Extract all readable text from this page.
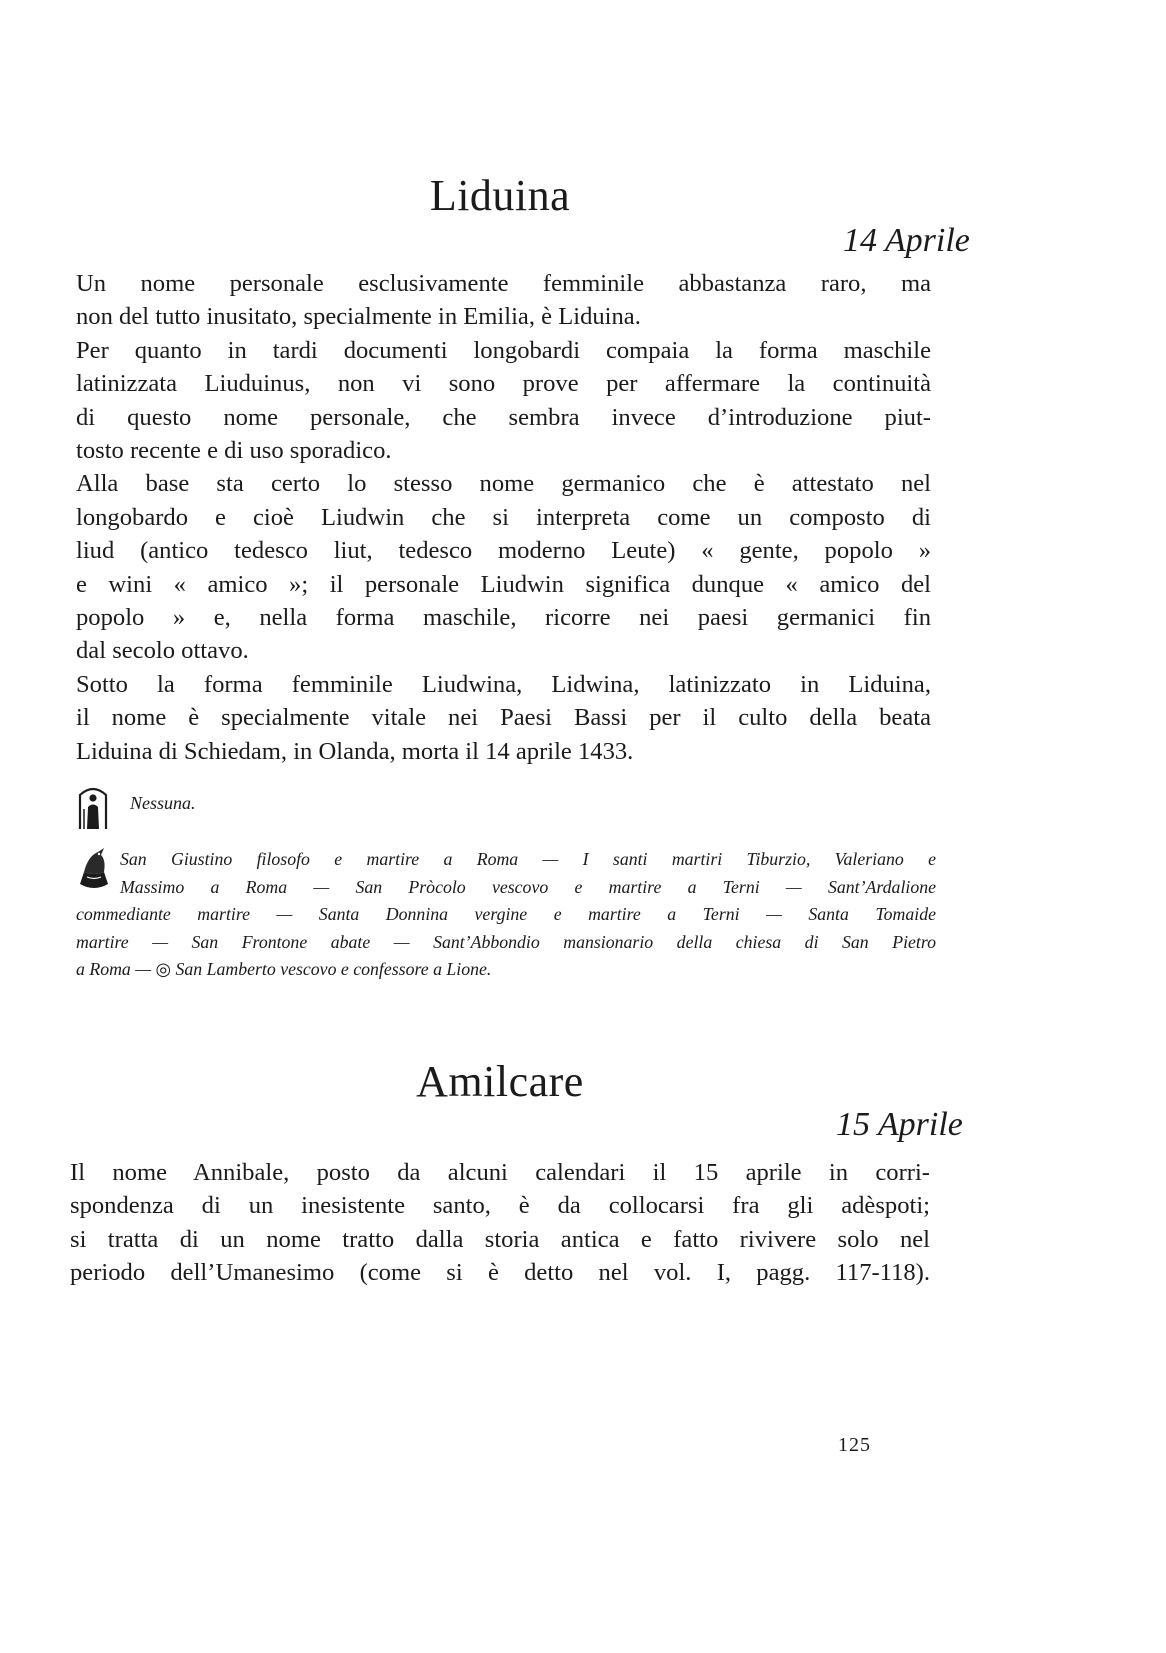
Liduina
14 Aprile
Un nome personale esclusivamente femminile abbastanza raro, ma
non del tutto inusitato, specialmente in Emilia, è Liduina.
Per quanto in tardi documenti longobardi compaia la forma maschile
latinizzata Liuduinus, non vi sono prove per affermare la continuità
di questo nome personale, che sembra invece d’introduzione piut-
tosto recente e di uso sporadico.
Alla base sta certo lo stesso nome germanico che è attestato nel
longobardo e cioè Liudwin che si interpreta come un composto di
liud (antico tedesco liut, tedesco moderno Leute) « gente, popolo »
e wini « amico »; il personale Liudwin significa dunque « amico del
popolo » e, nella forma maschile, ricorre nei paesi germanici fin
dal secolo ottavo.
Sotto la forma femminile Liudwina, Lidwina, latinizzato in Liduina,
il nome è specialmente vitale nei Paesi Bassi per il culto della beata
Liduina di Schiedam, in Olanda, morta il 14 aprile 1433.
Nessuna.
San Giustino filosofo e martire a Roma — I santi martiri Tiburzio, Valeriano e
Massimo a Roma — San Pròcolo vescovo e martire a Terni — Sant’Ardalione
commediante martire — Santa Donnina vergine e martire a Terni — Santa Tomaide
martire — San Frontone abate — Sant’Abbondio mansionario della chiesa di San Pietro
a Roma — ◎ San Lamberto vescovo e confessore a Lione.
Amilcare
15 Aprile
Il nome Annibale, posto da alcuni calendari il 15 aprile in corri-
spondenza di un inesistente santo, è da collocarsi fra gli adèspoti;
si tratta di un nome tratto dalla storia antica e fatto rivivere solo nel
periodo dell’Umanesimo (come si è detto nel vol. I, pagg. 117-118).
125
